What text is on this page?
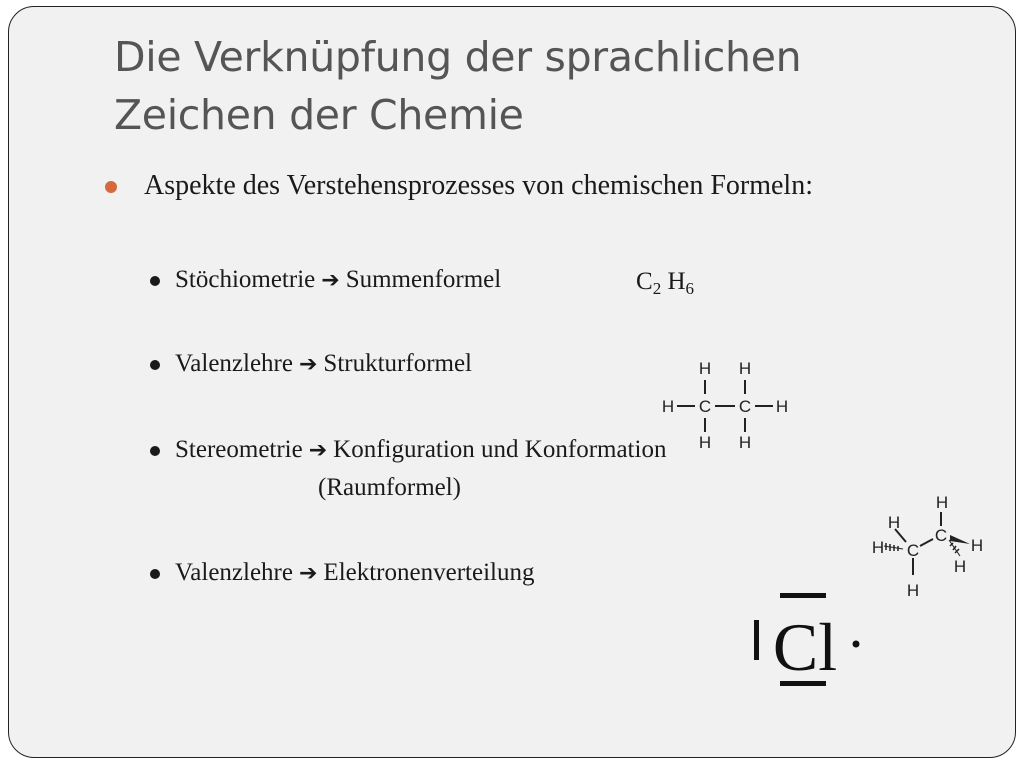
Die Verknüpfung der sprachlichen Zeichen der Chemie
Aspekte des Verstehensprozesses von chemischen Formeln:
Stöchiometrie ➔ Summenformel	$C_2$ $H_6$
Valenzlehre ➔ Strukturformel
Stereometrie ➔ Konfiguration und Konformation
(Raumformel)
Valenzlehre ➔ Elektronenverteilung
H H
H C C H
H H
H
H
H C
C
H
H
H
Cl
